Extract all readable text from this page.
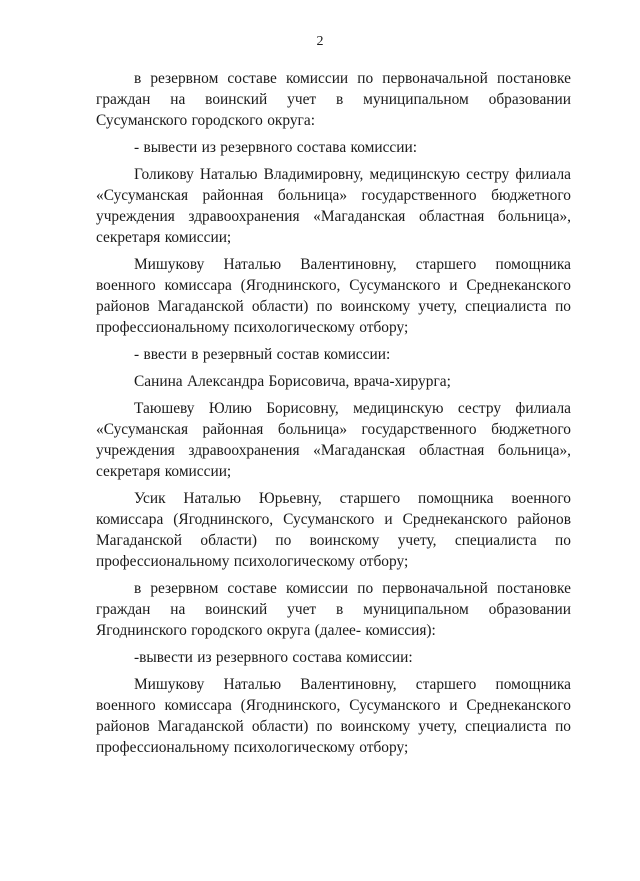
2

в резервном составе комиссии по первоначальной постановке граждан на воинский учет в муниципальном образовании Сусуманского городского округа:

- вывести из резервного состава комиссии:

Голикову Наталью Владимировну, медицинскую сестру филиала «Сусуманская районная больница» государственного бюджетного учреждения здравоохранения «Магаданская областная больница», секретаря комиссии;

Мишукову Наталью Валентиновну, старшего помощника военного комиссара (Ягоднинского, Сусуманского и Среднеканского районов Магаданской области) по воинскому учету, специалиста по профессиональному психологическому отбору;

- ввести в резервный состав комиссии:

Санина Александра Борисовича, врача-хирурга;

Таюшеву Юлию Борисовну, медицинскую сестру филиала «Сусуманская районная больница» государственного бюджетного учреждения здравоохранения «Магаданская областная больница», секретаря комиссии;

Усик Наталью Юрьевну, старшего помощника военного комиссара (Ягоднинского, Сусуманского и Среднеканского районов Магаданской области) по воинскому учету, специалиста по профессиональному психологическому отбору;

в резервном составе комиссии по первоначальной постановке граждан на воинский учет в муниципальном образовании Ягоднинского городского округа (далее- комиссия):

-вывести из резервного состава комиссии:

Мишукову Наталью Валентиновну, старшего помощника военного комиссара (Ягоднинского, Сусуманского и Среднеканского районов Магаданской области) по воинскому учету, специалиста по профессиональному психологическому отбору;
